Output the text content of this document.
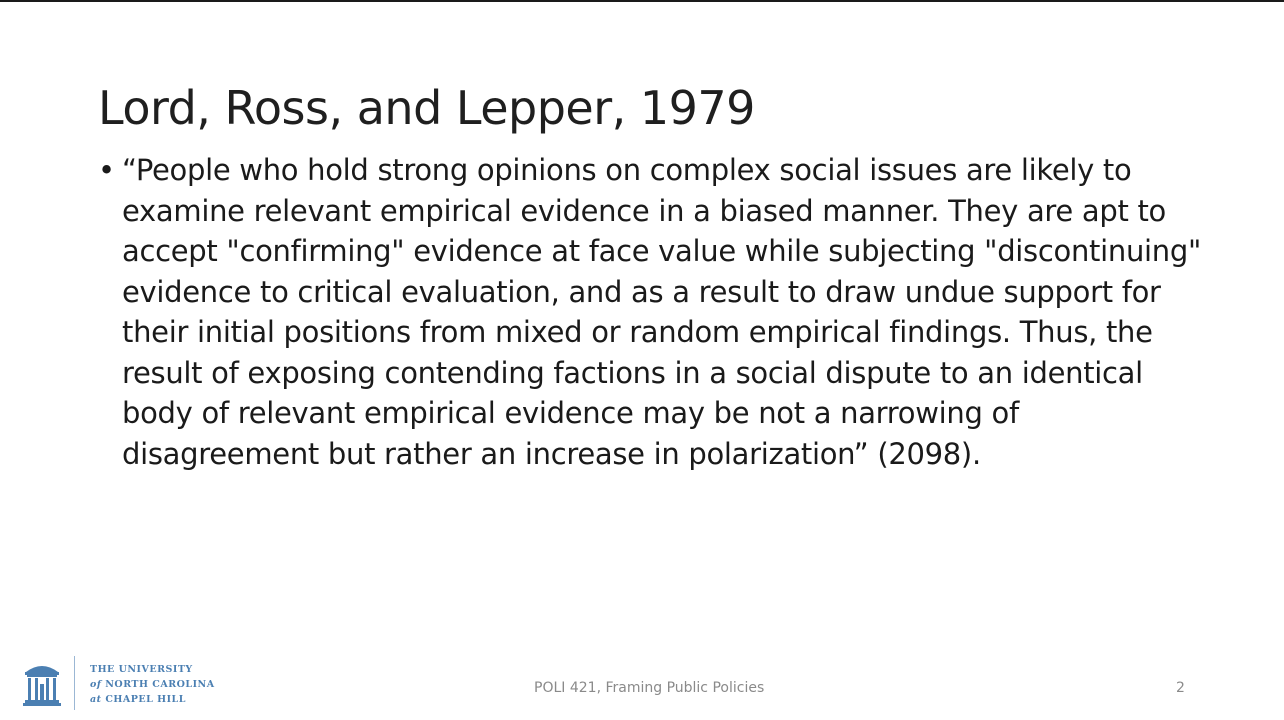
Lord, Ross, and Lepper, 1979
• “People who hold strong opinions on complex social issues are likely to examine relevant empirical evidence in a biased manner. They are apt to accept "confirming" evidence at face value while subjecting "discontinuing" evidence to critical evaluation, and as a result to draw undue support for their initial positions from mixed or random empirical findings. Thus, the result of exposing contending factions in a social dispute to an identical body of relevant empirical evidence may be not a narrowing of disagreement but rather an increase in polarization” (2098).
THE UNIVERSITY
of NORTH CAROLINA
at CHAPEL HILL
POLI 421, Framing Public Policies	2
